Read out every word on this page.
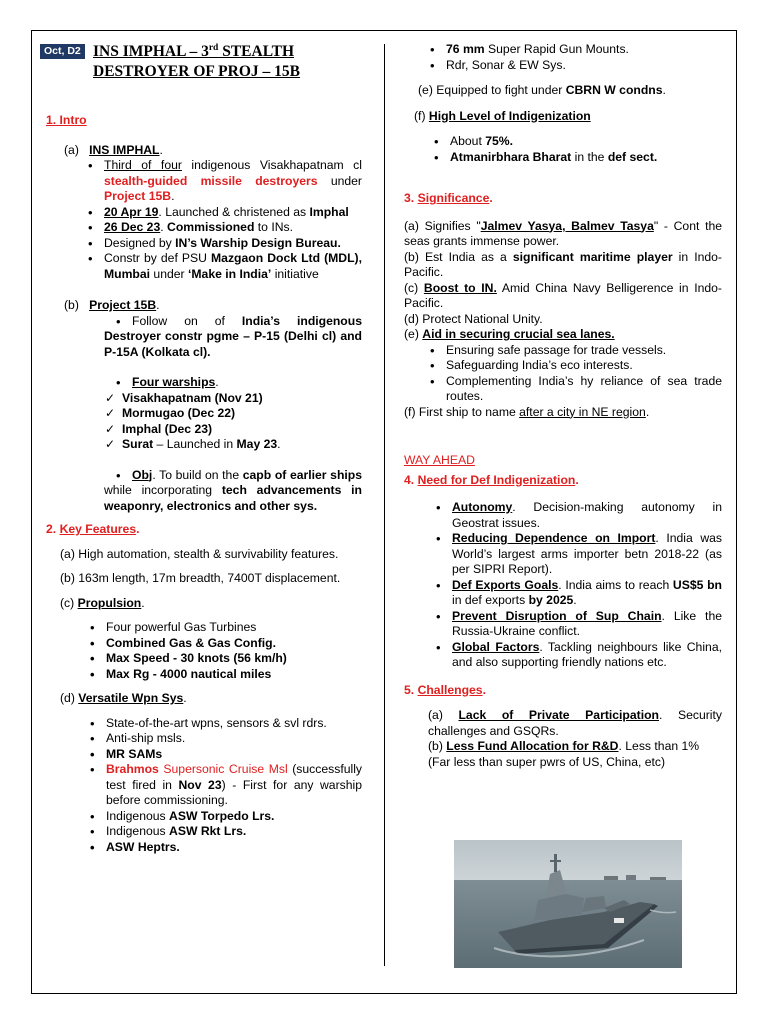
Oct, D2 INS IMPHAL – 3rd STEALTH DESTROYER OF PROJ – 15B
1. Intro
(a) INS IMPHAL.
• Third of four indigenous Visakhapatnam cl stealth-guided missile destroyers under Project 15B.
• 20 Apr 19. Launched & christened as Imphal
• 26 Dec 23. Commissioned to INs.
• Designed by IN’s Warship Design Bureau.
• Constr by def PSU Mazgaon Dock Ltd (MDL), Mumbai under ‘Make in India’ initiative
(b) Project 15B.
• Follow on of India’s indigenous Destroyer constr pgme – P-15 (Delhi cl) and P-15A (Kolkata cl).
• Four warships.
✓ Visakhapatnam (Nov 21)
✓ Mormugao (Dec 22)
✓ Imphal (Dec 23)
✓ Surat – Launched in May 23.
• Obj. To build on the capb of earlier ships while incorporating tech advancements in weaponry, electronics and other sys.
2. Key Features.
(a) High automation, stealth & survivability features.
(b) 163m length, 17m breadth, 7400T displacement.
(c) Propulsion.
• Four powerful Gas Turbines
• Combined Gas & Gas Config.
• Max Speed - 30 knots (56 km/h)
• Max Rg - 4000 nautical miles
(d) Versatile Wpn Sys.
• State-of-the-art wpns, sensors & svl rdrs.
• Anti-ship msls.
• MR SAMs
• Brahmos Supersonic Cruise Msl (successfully test fired in Nov 23) - First for any warship before commissioning.
• Indigenous ASW Torpedo Lrs.
• Indigenous ASW Rkt Lrs.
• ASW Heptrs.
• 76 mm Super Rapid Gun Mounts.
• Rdr, Sonar & EW Sys.
(e) Equipped to fight under CBRN W condns.
(f) High Level of Indigenization
• About 75%.
• Atmanirbhara Bharat in the def sect.
3. Significance.
(a) Signifies "Jalmev Yasya, Balmev Tasya" - Cont the seas grants immense power.
(b) Est India as a significant maritime player in Indo-Pacific.
(c) Boost to IN. Amid China Navy Belligerence in Indo-Pacific.
(d) Protect National Unity.
(e) Aid in securing crucial sea lanes.
• Ensuring safe passage for trade vessels.
• Safeguarding India’s eco interests.
• Complementing India’s hy reliance of sea trade routes.
(f) First ship to name after a city in NE region.
WAY AHEAD
4. Need for Def Indigenization.
• Autonomy. Decision-making autonomy in Geostrat issues.
• Reducing Dependence on Import. India was World’s largest arms importer betn 2018-22 (as per SIPRI Report).
• Def Exports Goals. India aims to reach US$5 bn in def exports by 2025.
• Prevent Disruption of Sup Chain. Like the Russia-Ukraine conflict.
• Global Factors. Tackling neighbours like China, and also supporting friendly nations etc.
5. Challenges.
(a) Lack of Private Participation. Security challenges and GSQRs.
(b) Less Fund Allocation for R&D. Less than 1% (Far less than super pwrs of US, China, etc)
